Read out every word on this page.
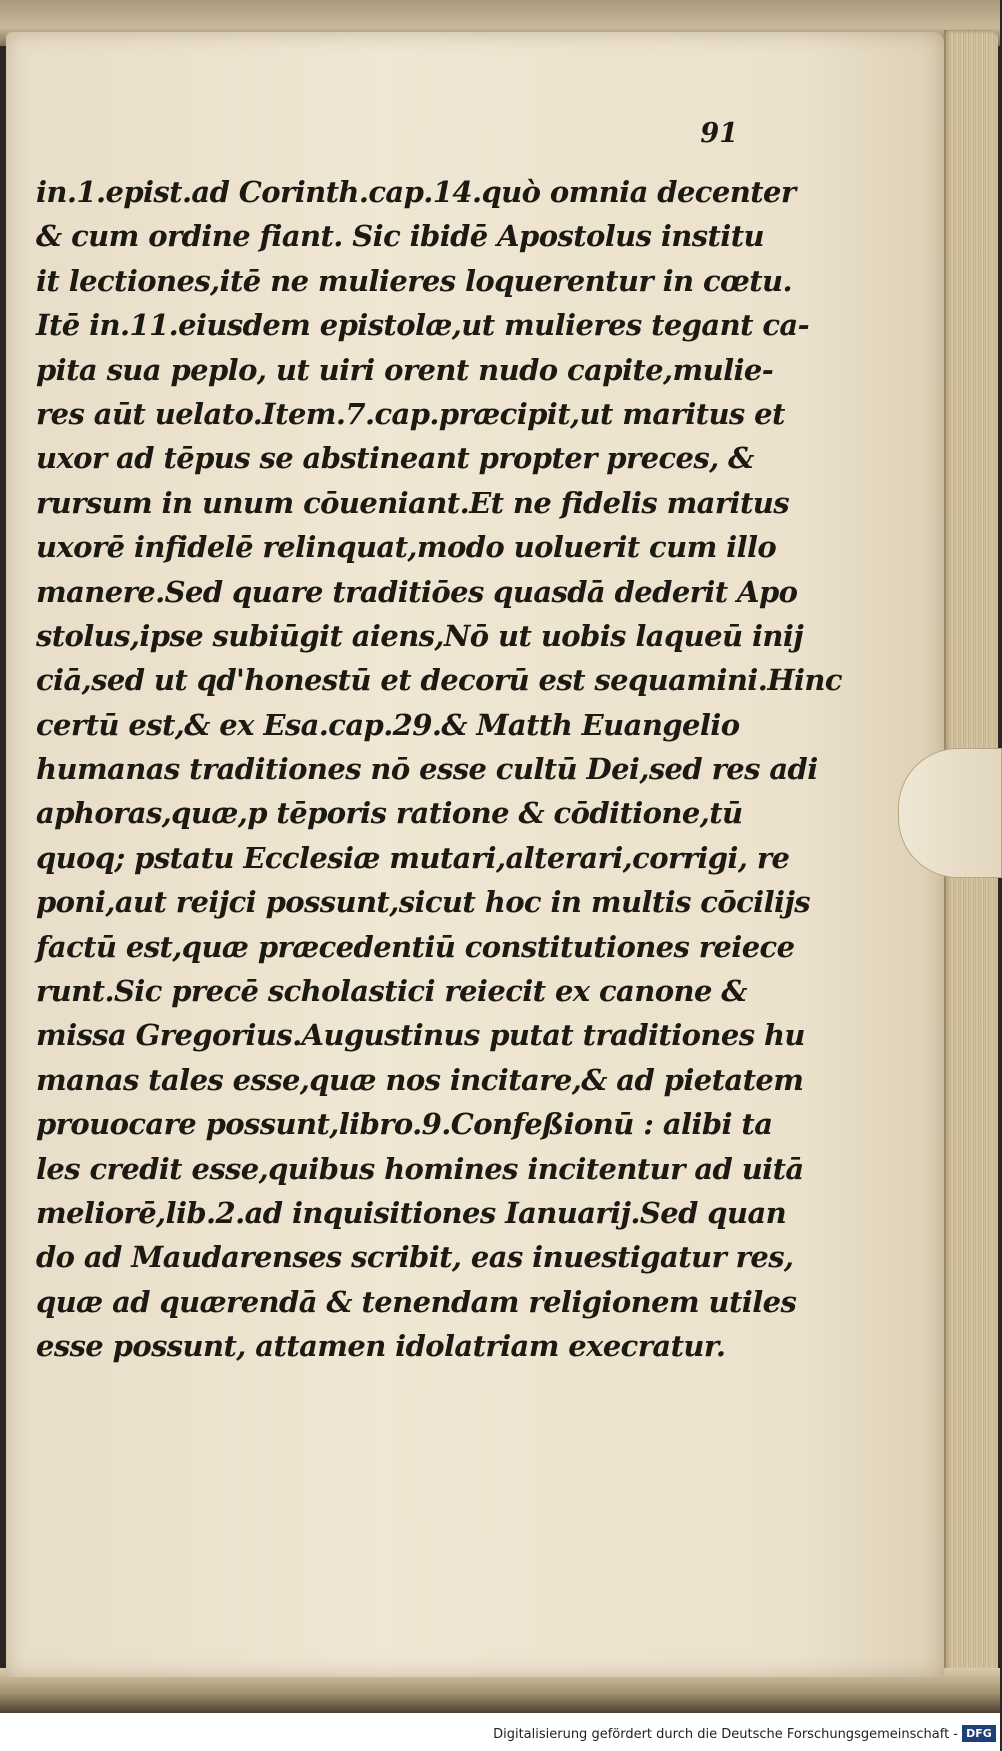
91
in.1.epist.ad Corinth.cap.14.quò omnia decenter
& cum ordine fiant. Sic ibidē Apostolus institu
it lectiones,itē ne mulieres loquerentur in cœtu.
Itē in.11.eiusdem epistolæ,ut mulieres tegant ca-
pita sua peplo, ut uiri orent nudo capite,mulie-
res aūt uelato.Item.7.cap.præcipit,ut maritus et
uxor ad tēpus se abstineant propter preces, &
rursum in unum cōueniant.Et ne fidelis maritus
uxorē infidelē relinquat,modo uoluerit cum illo
manere.Sed quare traditiōes quasdā dederit Apo
stolus,ipse subiūgit aiens,Nō ut uobis laqueū inij
ciā,sed ut qd'honestū et decorū est sequamini.Hinc
certū est,& ex Esa.cap.29.& Matth Euangelio
humanas traditiones nō esse cultū Dei,sed res adi
aphoras,quæ,p tēporis ratione & cōditione,tū
quoq; pstatu Ecclesiæ mutari,alterari,corrigi, re
poni,aut reijci possunt,sicut hoc in multis cōcilijs
factū est,quæ præcedentiū constitutiones reiece
runt.Sic precē scholastici reiecit ex canone &
missa Gregorius.Augustinus putat traditiones hu
manas tales esse,quæ nos incitare,& ad pietatem
prouocare possunt,libro.9.Confeßionū : alibi ta
les credit esse,quibus homines incitentur ad uitā
meliorē,lib.2.ad inquisitiones Ianuarij.Sed quan
do ad Maudarenses scribit, eas inuestigatur res,
quæ ad quærendā & tenendam religionem utiles
esse possunt, attamen idolatriam execratur.
Digitalisierung gefördert durch die Deutsche Forschungsgemeinschaft - DFG
